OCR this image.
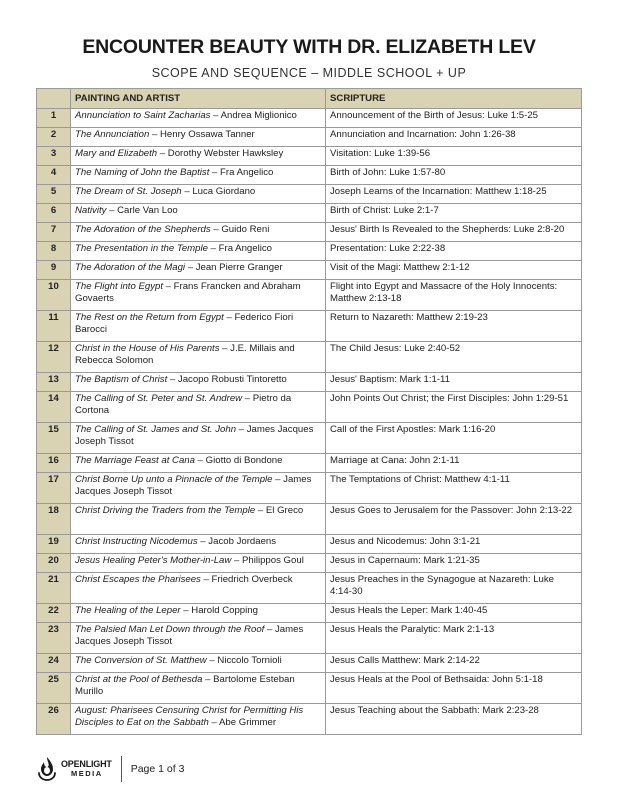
ENCOUNTER BEAUTY WITH DR. ELIZABETH LEV
SCOPE AND SEQUENCE – MIDDLE SCHOOL + UP
	PAINTING AND ARTIST	SCRIPTURE
1	Annunciation to Saint Zacharias – Andrea Miglionico	Announcement of the Birth of Jesus: Luke 1:5-25
2	The Annunciation – Henry Ossawa Tanner	Annunciation and Incarnation: John 1:26-38
3	Mary and Elizabeth – Dorothy Webster Hawksley	Visitation: Luke 1:39-56
4	The Naming of John the Baptist – Fra Angelico	Birth of John: Luke 1:57-80
5	The Dream of St. Joseph – Luca Giordano	Joseph Learns of the Incarnation: Matthew 1:18-25
6	Nativity – Carle Van Loo	Birth of Christ: Luke 2:1-7
7	The Adoration of the Shepherds – Guido Reni	Jesus' Birth Is Revealed to the Shepherds: Luke 2:8-20
8	The Presentation in the Temple – Fra Angelico	Presentation: Luke 2:22-38
9	The Adoration of the Magi – Jean Pierre Granger	Visit of the Magi: Matthew 2:1-12
10	The Flight into Egypt – Frans Francken and Abraham Govaerts	Flight into Egypt and Massacre of the Holy Innocents: Matthew 2:13-18
11	The Rest on the Return from Egypt – Federico Fiori Barocci	Return to Nazareth: Matthew 2:19-23
12	Christ in the House of His Parents – J.E. Millais and Rebecca Solomon	The Child Jesus: Luke 2:40-52
13	The Baptism of Christ – Jacopo Robusti Tintoretto	Jesus' Baptism: Mark 1:1-11
14	The Calling of St. Peter and St. Andrew – Pietro da Cortona	John Points Out Christ; the First Disciples: John 1:29-51
15	The Calling of St. James and St. John – James Jacques Joseph Tissot	Call of the First Apostles: Mark 1:16-20
16	The Marriage Feast at Cana – Giotto di Bondone	Marriage at Cana: John 2:1-11
17	Christ Borne Up unto a Pinnacle of the Temple – James Jacques Joseph Tissot	The Temptations of Christ: Matthew 4:1-11
18	Christ Driving the Traders from the Temple – El Greco	Jesus Goes to Jerusalem for the Passover: John 2:13-22
19	Christ Instructing Nicodemus – Jacob Jordaens	Jesus and Nicodemus: John 3:1-21
20	Jesus Healing Peter's Mother-in-Law – Philippos Goul	Jesus in Capernaum: Mark 1:21-35
21	Christ Escapes the Pharisees – Friedrich Overbeck	Jesus Preaches in the Synagogue at Nazareth: Luke 4:14-30
22	The Healing of the Leper – Harold Copping	Jesus Heals the Leper: Mark 1:40-45
23	The Palsied Man Let Down through the Roof – James Jacques Joseph Tissot	Jesus Heals the Paralytic: Mark 2:1-13
24	The Conversion of St. Matthew – Niccolo Tornioli	Jesus Calls Matthew: Mark 2:14-22
25	Christ at the Pool of Bethesda – Bartolome Esteban Murillo	Jesus Heals at the Pool of Bethsaida: John 5:1-18
26	August: Pharisees Censuring Christ for Permitting His Disciples to Eat on the Sabbath – Abe Grimmer	Jesus Teaching about the Sabbath: Mark 2:23-28
OPENLIGHT
MEDIA	Page 1 of 3
